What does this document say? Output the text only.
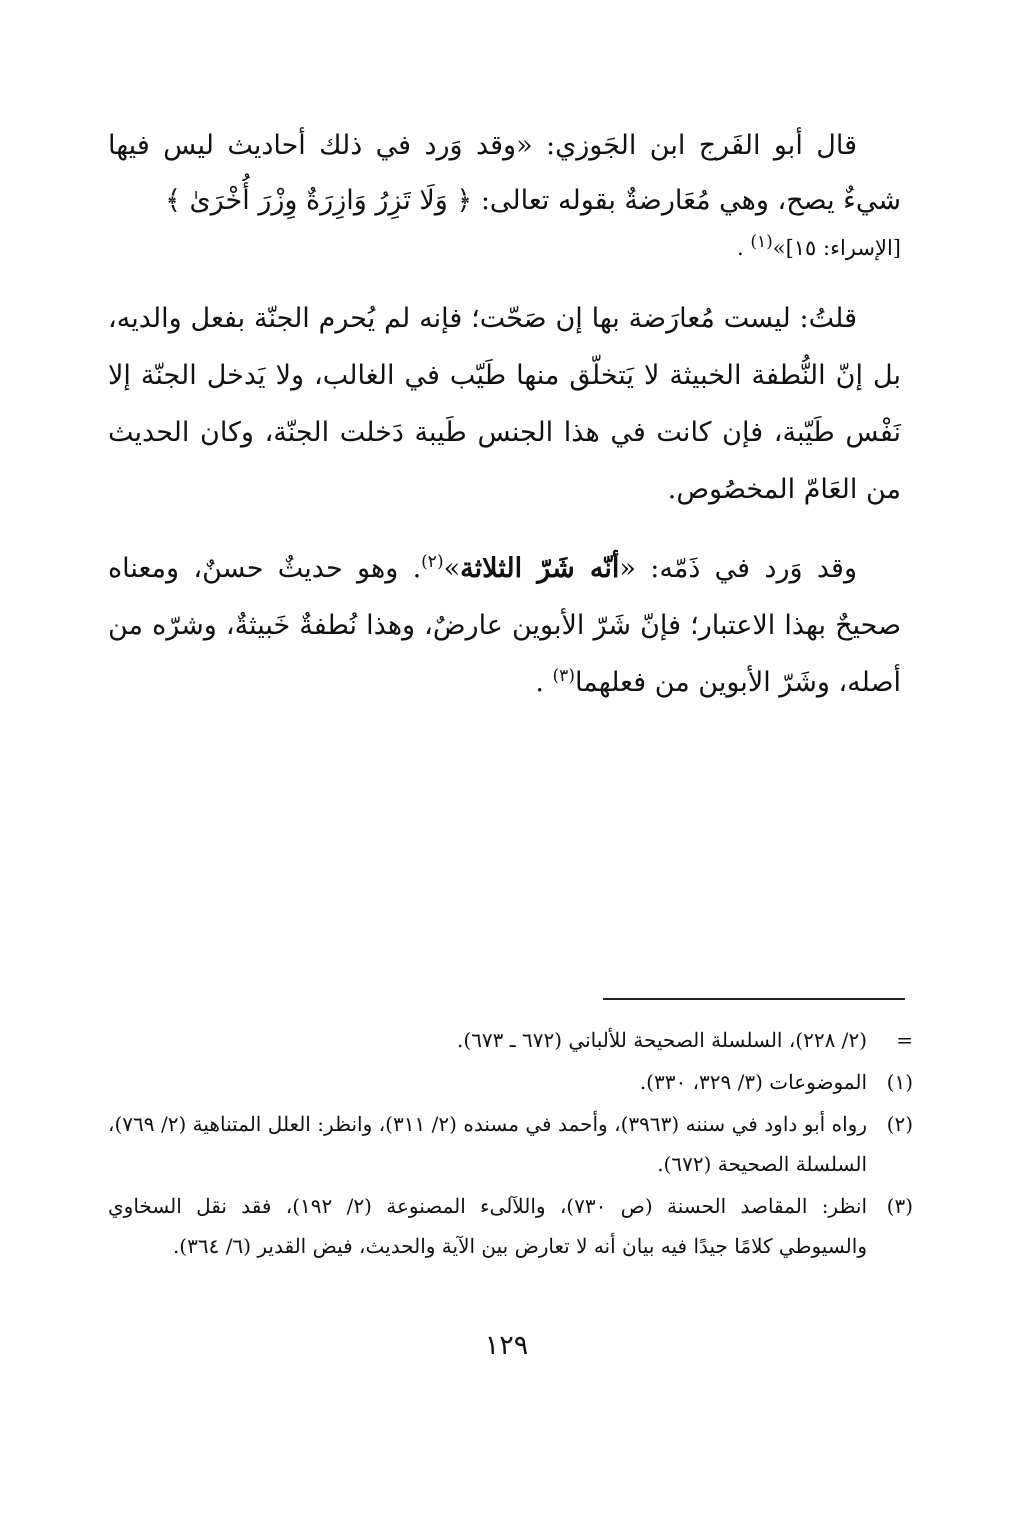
قال أبو الفَرج ابن الجَوزي: «وقد وَرد في ذلك أحاديث ليس فيها شيءٌ يصح، وهي مُعَارضةٌ بقوله تعالى: ﴿ وَلَا تَزِرُ وَازِرَةٌ وِزْرَ أُخْرَىٰ ﴾
[الإسراء: ١٥]»$^{(١)}$ .

قلتُ: ليست مُعارَضة بها إن صَحّت؛ فإنه لم يُحرم الجنّة بفعل والديه، بل إنّ النُّطفة الخبيثة لا يَتخلّق منها طَيّب في الغالب، ولا يَدخل الجنّة إلا نَفْس طَيّبة، فإن كانت في هذا الجنس طَيبة دَخلت الجنّة، وكان الحديث من العَامّ المخصُوص.

وقد وَرد في ذَمّه: «أنّه شَرّ الثلاثة»$^{(٢)}$. وهو حديثٌ حسنٌ، ومعناه صحيحٌ بهذا الاعتبار؛ فإنّ شَرّ الأبوين عارضٌ، وهذا نُطفةٌ خَبيثةٌ، وشرّه من أصله، وشَرّ الأبوين من فعلهما$^{(٣)}$ .

=
(٢/ ٢٢٨)، السلسلة الصحيحة للألباني (٦٧٢ ـ ٦٧٣).
(١)
الموضوعات (٣/ ٣٢٩، ٣٣٠).
(٢)
رواه أبو داود في سننه (٣٩٦٣)، وأحمد في مسنده (٢/ ٣١١)، وانظر: العلل المتناهية (٢/ ٧٦٩)، السلسلة الصحيحة (٦٧٢).
(٣)
انظر: المقاصد الحسنة (ص ٧٣٠)، واللآلىء المصنوعة (٢/ ١٩٢)، فقد نقل السخاوي والسيوطي كلامًا جيدًا فيه بيان أنه لا تعارض بين الآية والحديث، فيض القدير (٦/ ٣٦٤).
١٢٩
